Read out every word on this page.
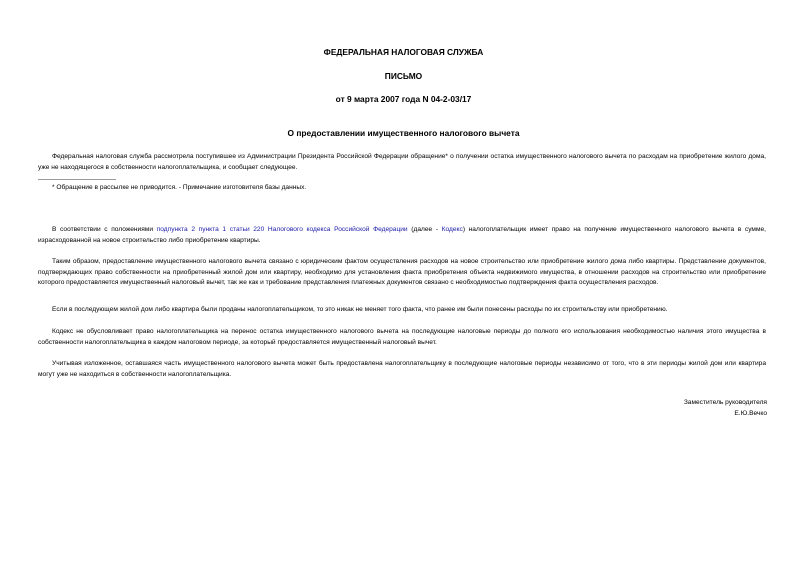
ФЕДЕРАЛЬНАЯ НАЛОГОВАЯ СЛУЖБА
ПИСЬМО
от 9 марта 2007 года N 04-2-03/17
О предоставлении имущественного налогового вычета
Федеральная налоговая служба рассмотрела поступившее из Администрации Президента Российской Федерации обращение* о получении остатка имущественного налогового вычета по расходам на приобретение жилого дома, уже не находящегося в собственности налогоплательщика, и сообщает следующее.
* Обращение в рассылке не приводится. - Примечание изготовителя базы данных.
В соответствии с положениями подпункта 2 пункта 1 статьи 220 Налогового кодекса Российской Федерации (далее - Кодекс) налогоплательщик имеет право на получение имущественного налогового вычета в сумме, израсходованной на новое строительство либо приобретение квартиры.
Таким образом, предоставление имущественного налогового вычета связано с юридическим фактом осуществления расходов на новое строительство или приобретение жилого дома либо квартиры. Представление документов, подтверждающих право собственности на приобретенный жилой дом или квартиру, необходимо для установления факта приобретения объекта недвижимого имущества, в отношении расходов на строительство или приобретение которого предоставляется имущественный налоговый вычет, так же как и требование представления платежных документов связано с необходимостью подтверждения факта осуществления расходов.
Если в последующем жилой дом либо квартира были проданы налогоплательщиком, то это никак не меняет того факта, что ранее им были понесены расходы по их строительству или приобретению.
Кодекс не обусловливает право налогоплательщика на перенос остатка имущественного налогового вычета на последующие налоговые периоды до полного его использования необходимостью наличия этого имущества в собственности налогоплательщика в каждом налоговом периоде, за который предоставляется имущественный налоговый вычет.
Учитывая изложенное, оставшаяся часть имущественного налогового вычета может быть предоставлена налогоплательщику в последующие налоговые периоды независимо от того, что в эти периоды жилой дом или квартира могут уже не находиться в собственности налогоплательщика.
Заместитель руководителя
Е.Ю.Вечко
